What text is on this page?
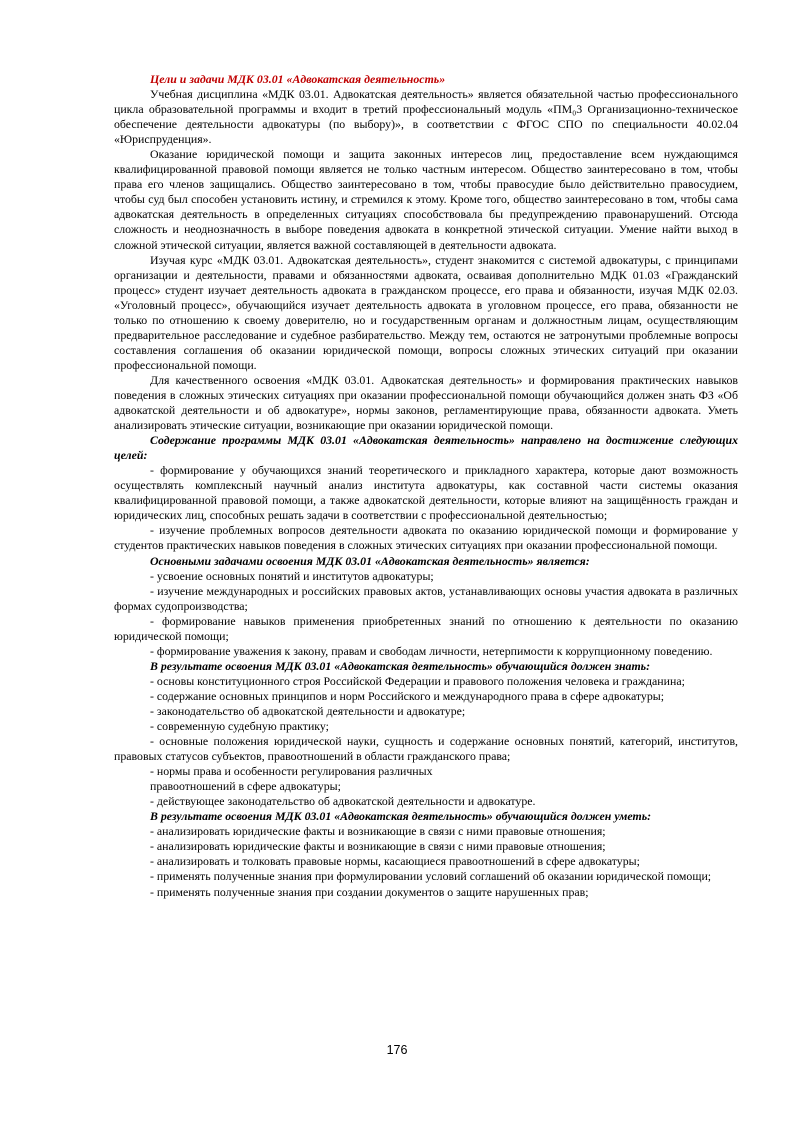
Цели и задачи МДК 03.01 «Адвокатская деятельность»

Учебная дисциплина «МДК 03.01. Адвокатская деятельность» является обязательной частью профессионального цикла образовательной программы и входит в третий профессиональный модуль «ПМ₀3 Организационно-техническое обеспечение деятельности адвокатуры (по выбору)», в соответствии с ФГОС СПО по специальности 40.02.04 «Юриспруденция».

Оказание юридической помощи и защита законных интересов лиц, предоставление всем нуждающимся квалифицированной правовой помощи является не только частным интересом. Общество заинтересовано в том, чтобы права его членов защищались. Общество заинтересовано в том, чтобы правосудие было действительно правосудием, чтобы суд был способен установить истину, и стремился к этому. Кроме того, общество заинтересовано в том, чтобы сама адвокатская деятельность в определенных ситуациях способствовала бы предупреждению правонарушений. Отсюда сложность и неоднозначность в выборе поведения адвоката в конкретной этической ситуации. Умение найти выход в сложной этической ситуации, является важной составляющей в деятельности адвоката.

Изучая курс «МДК 03.01. Адвокатская деятельность», студент знакомится с системой адвокатуры, с принципами организации и деятельности, правами и обязанностями адвоката, осваивая дополнительно МДК 01.03 «Гражданский процесс» студент изучает деятельность адвоката в гражданском процессе, его права и обязанности, изучая МДК 02.03. «Уголовный процесс», обучающийся изучает деятельность адвоката в уголовном процессе, его права, обязанности не только по отношению к своему доверителю, но и государственным органам и должностным лицам, осуществляющим предварительное расследование и судебное разбирательство. Между тем, остаются не затронутыми проблемные вопросы составления соглашения об оказании юридической помощи, вопросы сложных этических ситуаций при оказании профессиональной помощи.

Для качественного освоения «МДК 03.01. Адвокатская деятельность» и формирования практических навыков поведения в сложных этических ситуациях при оказании профессиональной помощи обучающийся должен знать ФЗ «Об адвокатской деятельности и об адвокатуре», нормы законов, регламентирующие права, обязанности адвоката. Уметь анализировать этические ситуации, возникающие при оказании юридической помощи.

Содержание программы МДК 03.01 «Адвокатская деятельность» направлено на достижение следующих целей:

- формирование у обучающихся знаний теоретического и прикладного характера, которые дают возможность осуществлять комплексный научный анализ института адвокатуры, как составной части системы оказания квалифицированной правовой помощи, а также адвокатской деятельности, которые влияют на защищённость граждан и юридических лиц, способных решать задачи в соответствии с профессиональной деятельностью;

- изучение проблемных вопросов деятельности адвоката по оказанию юридической помощи и формирование у студентов практических навыков поведения в сложных этических ситуациях при оказании профессиональной помощи.

Основными задачами освоения МДК 03.01 «Адвокатская деятельность» является:

- усвоение основных понятий и институтов адвокатуры;

- изучение международных и российских правовых актов, устанавливающих основы участия адвоката в различных формах судопроизводства;

- формирование навыков применения приобретенных знаний по отношению к деятельности по оказанию юридической помощи;

- формирование уважения к закону, правам и свободам личности, нетерпимости к коррупционному поведению.

В результате освоения МДК 03.01 «Адвокатская деятельность» обучающийся должен знать:

- основы конституционного строя Российской Федерации и правового положения человека и гражданина;

- содержание основных принципов и норм Российского и международного права в сфере адвокатуры;

- законодательство об адвокатской деятельности и адвокатуре;

- современную судебную практику;

- основные положения юридической науки, сущность и содержание основных понятий, категорий, институтов, правовых статусов субъектов, правоотношений в области гражданского права;

- нормы права и особенности регулирования различных

правоотношений в сфере адвокатуры;

- действующее законодательство об адвокатской деятельности и адвокатуре.

В результате освоения МДК 03.01 «Адвокатская деятельность» обучающийся должен уметь:

- анализировать юридические факты и возникающие в связи с ними правовые отношения;

- анализировать юридические факты и возникающие в связи с ними правовые отношения;

- анализировать и толковать правовые нормы, касающиеся правоотношений в сфере адвокатуры;

- применять полученные знания при формулировании условий соглашений об оказании юридической помощи;

- применять полученные знания при создании документов о защите нарушенных прав;

176
